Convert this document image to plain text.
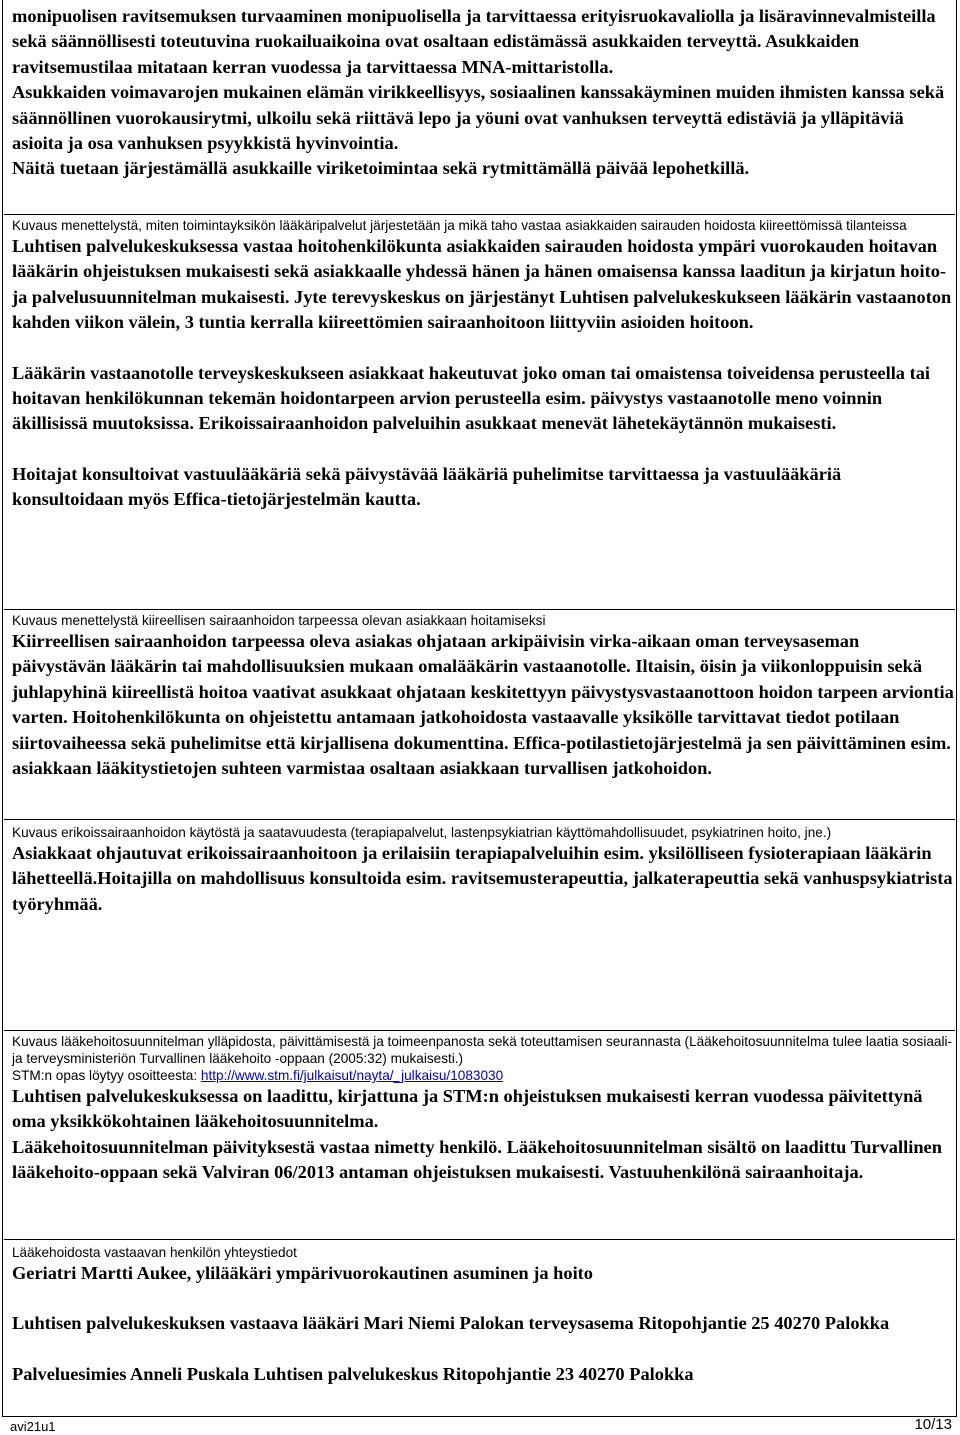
monipuolisen ravitsemuksen turvaaminen monipuolisella ja tarvittaessa erityisruokavaliolla ja lisäravinnevalmisteilla sekä säännöllisesti toteutuvina ruokailuaikoina ovat osaltaan edistämässä asukkaiden terveyttä. Asukkaiden ravitsemustilaa mitataan kerran vuodessa ja tarvittaessa MNA-mittaristolla.

Asukkaiden voimavarojen mukainen elämän virikkeellisyys, sosiaalinen kanssakäyminen muiden ihmisten kanssa sekä säännöllinen vuorokausirytmi, ulkoilu sekä riittävä lepo ja yöuni ovat vanhuksen terveyttä edistäviä ja ylläpitäviä asioita ja osa vanhuksen psyykkistä hyvinvointia.

Näitä tuetaan järjestämällä asukkaille viriketoimintaa sekä rytmittämällä päivää lepohetkillä.

Kuvaus menettelystä, miten toimintayksikön lääkäripalvelut järjestetään ja mikä taho vastaa asiakkaiden sairauden hoidosta kiireettömissä tilanteissa

Luhtisen palvelukeskuksessa vastaa hoitohenkilökunta asiakkaiden sairauden hoidosta ympäri vuorokauden hoitavan lääkärin ohjeistuksen mukaisesti sekä asiakkaalle yhdessä hänen ja hänen omaisensa kanssa laaditun ja kirjatun hoito-ja palvelusuunnitelman mukaisesti. Jyte terevyskeskus on järjestänyt Luhtisen palvelukeskukseen lääkärin vastaanoton kahden viikon välein, 3 tuntia kerralla kiireettömien sairaanhoitoon liittyviin asioiden hoitoon.

Lääkärin vastaanotolle terveyskeskukseen asiakkaat hakeutuvat joko oman tai omaistensa toiveidensa perusteella tai hoitavan henkilökunnan tekemän hoidontarpeen arvion perusteella esim. päivystys vastaanotolle meno voinnin äkillisissä muutoksissa. Erikoissairaanhoidon palveluihin asukkaat menevät lähetekäytännön mukaisesti.

Hoitajat konsultoivat vastuulääkäriä sekä päivystävää lääkäriä puhelimitse tarvittaessa ja vastuulääkäriä konsultoidaan myös Effica-tietojärjestelmän kautta.

Kuvaus menettelystä kiireellisen sairaanhoidon tarpeessa olevan asiakkaan hoitamiseksi

Kiirreellisen sairaanhoidon tarpeessa oleva asiakas ohjataan arkipäivisin virka-aikaan oman terveysaseman päivystävän lääkärin tai mahdollisuuksien mukaan omalääkärin vastaanotolle. Iltaisin, öisin ja viikonloppuisin sekä juhlapyhinä kiireellistä hoitoa vaativat asukkaat ohjataan keskitettyyn päivystysvastaanottoon hoidon tarpeen arviontia varten. Hoitohenkilökunta on ohjeistettu antamaan jatkohoidosta vastaavalle yksikölle tarvittavat tiedot potilaan siirtovaiheessa sekä puhelimitse että kirjallisena dokumenttina. Effica-potilastietojärjestelmä ja sen päivittäminen esim. asiakkaan lääkitystietojen suhteen varmistaa osaltaan asiakkaan turvallisen jatkohoidon.

Kuvaus erikoissairaanhoidon käytöstä ja saatavuudesta (terapiapalvelut, lastenpsykiatrian käyttömahdollisuudet, psykiatrinen hoito, jne.)

Asiakkaat ohjautuvat erikoissairaanhoitoon ja erilaisiin terapiapalveluihin esim. yksilölliseen fysioterapiaan lääkärin lähetteellä.Hoitajilla on mahdollisuus konsultoida esim. ravitsemusterapeuttia, jalkaterapeuttia sekä vanhuspsykiatrista työryhmää.

Kuvaus lääkehoitosuunnitelman ylläpidosta, päivittämisestä ja toimeenpanosta sekä toteuttamisen seurannasta (Lääkehoitosuunnitelma tulee laatia sosiaali- ja terveysministeriön Turvallinen lääkehoito -oppaan (2005:32) mukaisesti.)

STM:n opas löytyy osoitteesta: http://www.stm.fi/julkaisut/nayta/_julkaisu/1083030

Luhtisen palvelukeskuksessa on laadittu, kirjattuna ja STM:n ohjeistuksen mukaisesti kerran vuodessa päivitettynä oma yksikkökohtainen lääkehoitosuunnitelma.

Lääkehoitosuunnitelman päivityksestä vastaa nimetty henkilö. Lääkehoitosuunnitelman sisältö on laadittu Turvallinen lääkehoito-oppaan sekä Valviran 06/2013 antaman ohjeistuksen mukaisesti. Vastuuhenkilönä sairaanhoitaja.

Lääkehoidosta vastaavan henkilön yhteystiedot

Geriatri Martti Aukee, ylilääkäri ympärivuorokautinen asuminen ja hoito

Luhtisen palvelukeskuksen vastaava lääkäri Mari Niemi Palokan terveysasema Ritopohjantie 25 40270 Palokka

Palveluesimies Anneli Puskala Luhtisen palvelukeskus Ritopohjantie 23 40270 Palokka

avi21u1	10/13
